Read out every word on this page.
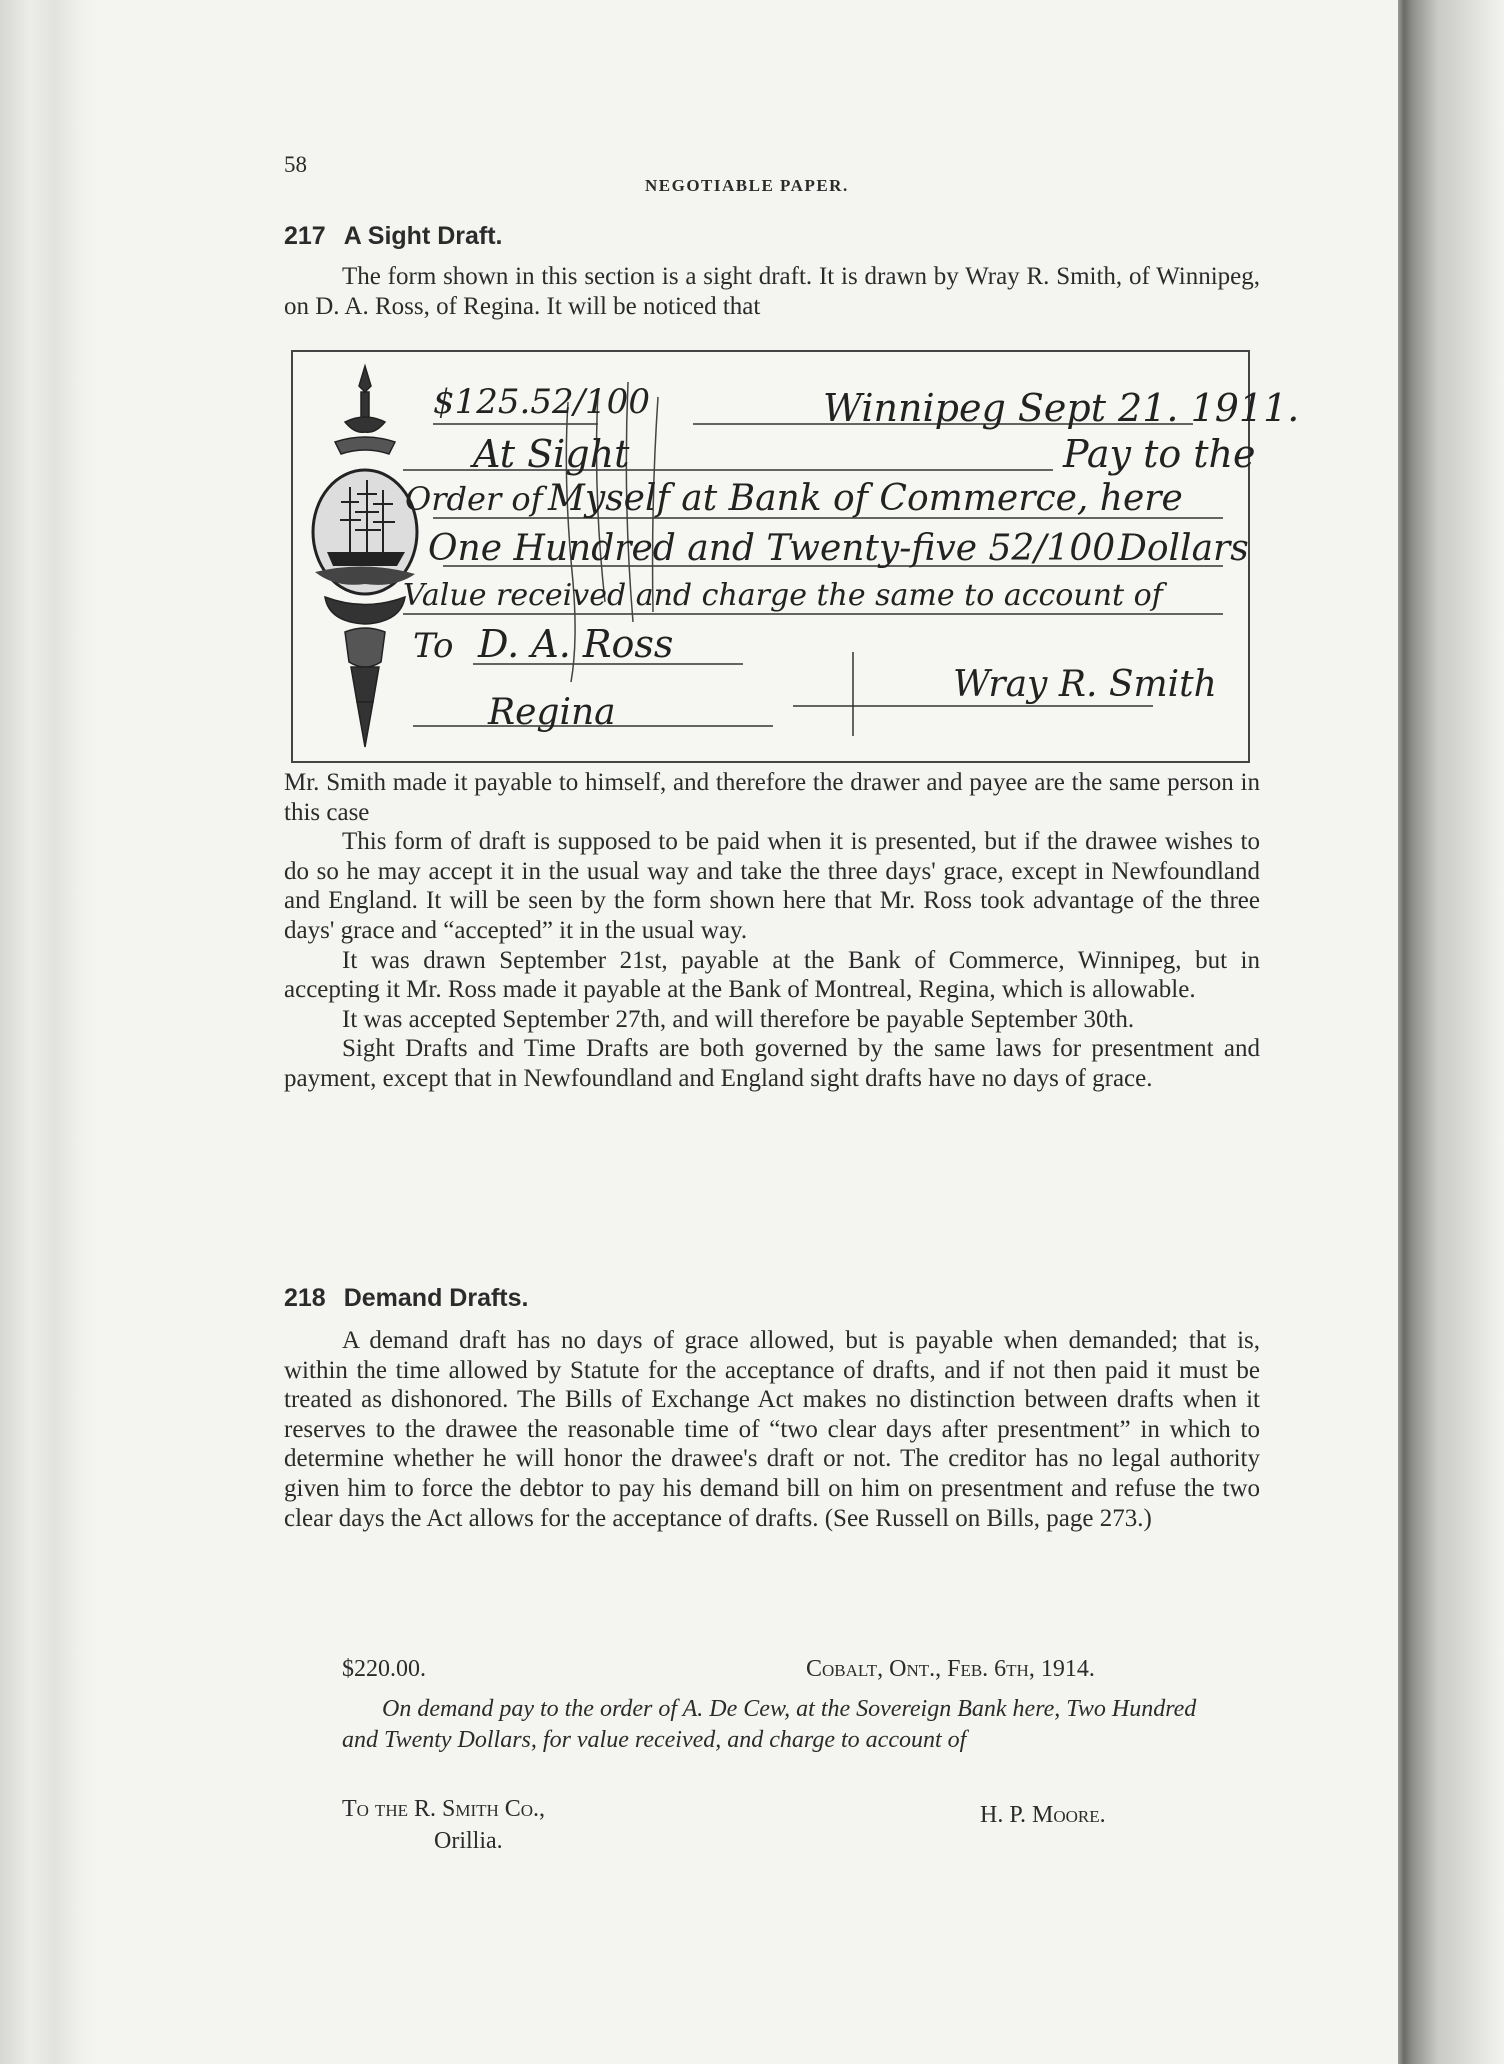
58
NEGOTIABLE PAPER.
217 A Sight Draft.

The form shown in this section is a sight draft. It is drawn by Wray R. Smith, of Winnipeg, on D. A. Ross, of Regina. It will be noticed that

$125.52/100	Winnipeg Sept 21. 1911.
At Sight	Pay to the
Order of Myself at Bank of Commerce, here
One Hundred and Twenty-five 52/100 Dollars
Value received and charge the same to account of
To D. A. Ross
Wray R. Smith
Regina

Mr. Smith made it payable to himself, and therefore the drawer and payee are the same person in this case

This form of draft is supposed to be paid when it is presented, but if the drawee wishes to do so he may accept it in the usual way and take the three days' grace, except in Newfoundland and England. It will be seen by the form shown here that Mr. Ross took advantage of the three days' grace and “accepted” it in the usual way.

It was drawn September 21st, payable at the Bank of Commerce, Winnipeg, but in accepting it Mr. Ross made it payable at the Bank of Montreal, Regina, which is allowable.

It was accepted September 27th, and will therefore be payable September 30th.

Sight Drafts and Time Drafts are both governed by the same laws for presentment and payment, except that in Newfoundland and England sight drafts have no days of grace.

218 Demand Drafts.

A demand draft has no days of grace allowed, but is payable when demanded; that is, within the time allowed by Statute for the acceptance of drafts, and if not then paid it must be treated as dishonored. The Bills of Exchange Act makes no distinction between drafts when it reserves to the drawee the reasonable time of “two clear days after presentment” in which to determine whether he will honor the drawee's draft or not. The creditor has no legal authority given him to force the debtor to pay his demand bill on him on presentment and refuse the two clear days the Act allows for the acceptance of drafts. (See Russell on Bills, page 273.)

$220.00.	Cobalt, Ont., Feb. 6th, 1914.
On demand pay to the order of A. De Cew, at the Sovereign Bank here, Two Hundred and Twenty Dollars, for value received, and charge to account of
To the R. Smith Co.,
Orillia.
H. P. Moore.
